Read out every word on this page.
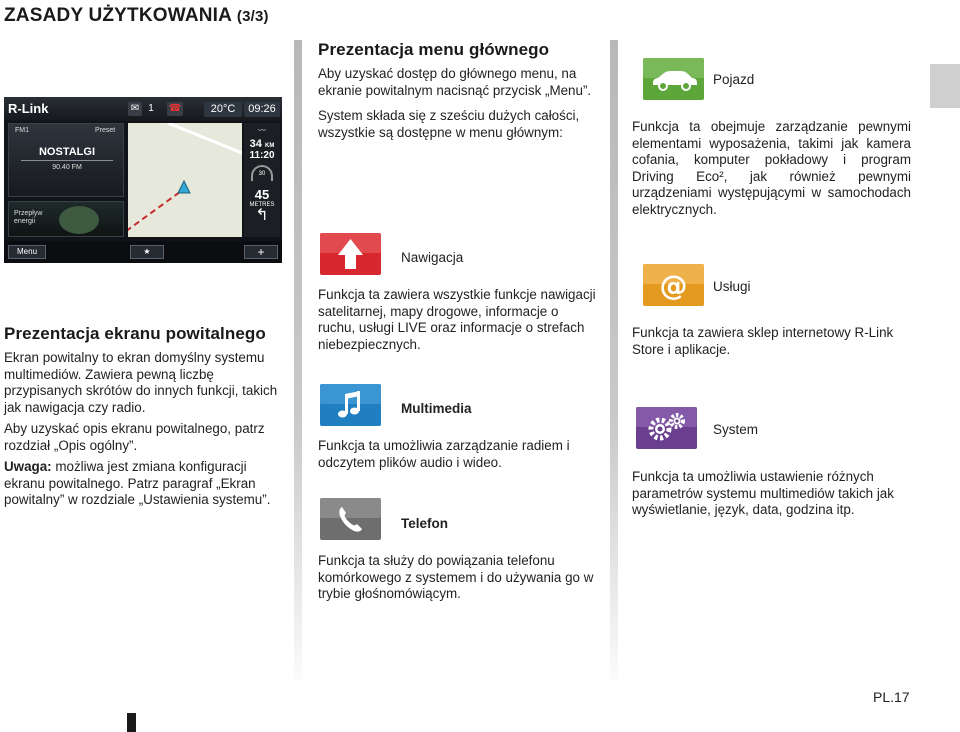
ZASADY UŻYTKOWANIA (3/3)
R-Link	✉ 1	☎	20°C	09:26
FM1	Preset
NOSTALGI
90.40 FM
Przepływ energii
〰
34 KM
11:20
30
45
METRES
↰
Menu	★	+
Prezentacja ekranu powitalnego

Ekran powitalny to ekran domyślny systemu multimediów. Zawiera pewną liczbę przypisanych skrótów do innych funkcji, takich jak nawigacja czy radio.

Aby uzyskać opis ekranu powitalnego, patrz rozdział „Opis ogólny”.

Uwaga: możliwa jest zmiana konfiguracji ekranu powitalnego. Patrz paragraf „Ekran powitalny” w rozdziale „Ustawienia systemu”.

Prezentacja menu głównego

Aby uzyskać dostęp do głównego menu, na ekranie powitalnym nacisnąć przycisk „Menu”.

System składa się z sześciu dużych całości, wszystkie są dostępne w menu głównym:

Nawigacja
Funkcja ta zawiera wszystkie funkcje nawigacji satelitarnej, mapy drogowe, informacje o ruchu, usługi LIVE oraz informacje o strefach niebezpiecznych.
Multimedia
Funkcja ta umożliwia zarządzanie radiem i odczytem plików audio i wideo.
Telefon
Funkcja ta służy do powiązania telefonu komórkowego z systemem i do używania go w trybie głośnomówiącym.
Pojazd
Funkcja ta obejmuje zarządzanie pewnymi elementami wyposażenia, takimi jak kamera cofania, komputer pokładowy i program Driving Eco², jak również pewnymi urządzeniami występującymi w samochodach elektrycznych.
@ Usługi
Funkcja ta zawiera sklep internetowy R-Link Store i aplikacje.
System
Funkcja ta umożliwia ustawienie różnych parametrów systemu multimediów takich jak wyświetlanie, język, data, godzina itp.
PL.17
